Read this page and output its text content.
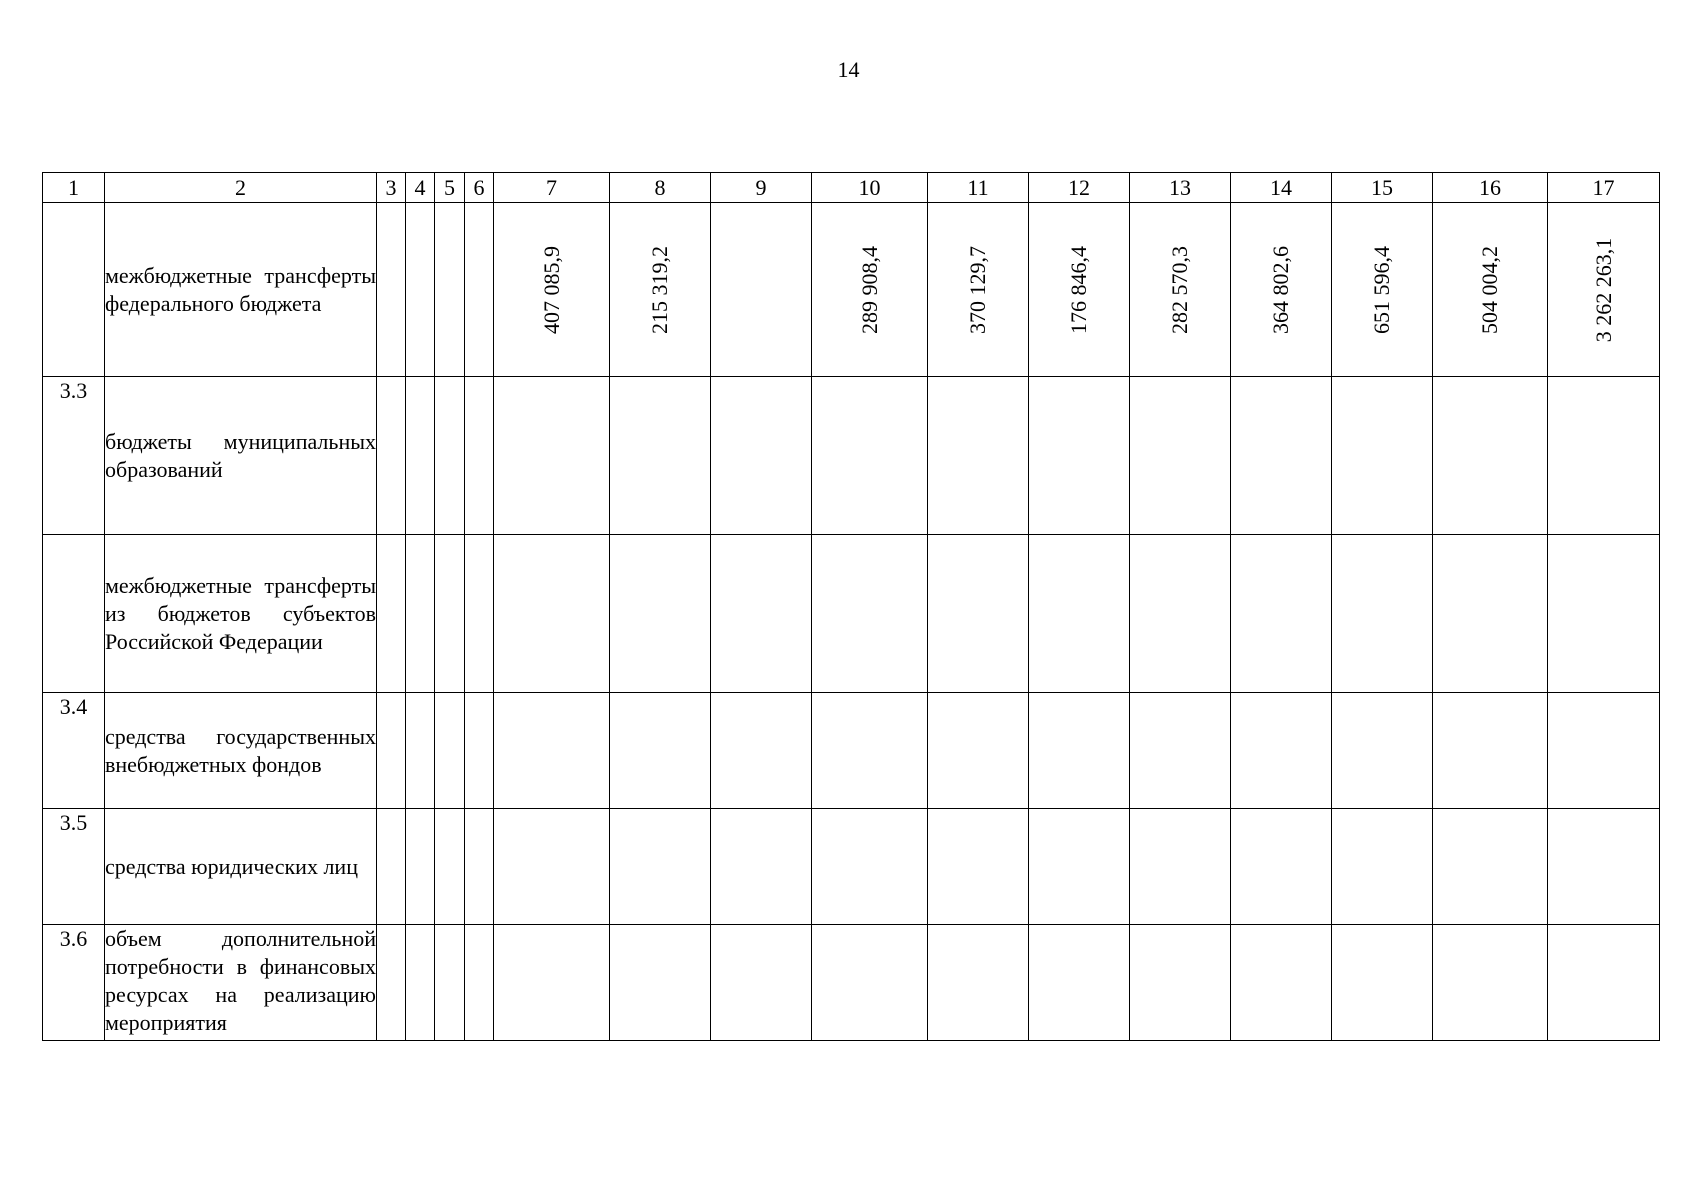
14
1	2	3	4	5	6	7	8	9	10	11	12	13	14	15	16	17

	межбюджетные трансферты федерального бюджета					407 085,9	215 319,2		289 908,4	370 129,7	176 846,4	282 570,3	364 802,6	651 596,4	504 004,2	3 262 263,1

3.3	бюджеты муниципальных образований															

	межбюджетные трансферты из бюджетов субъектов Российской Федерации															

3.4	средства государственных внебюджетных фондов															

3.5	средства юридических лиц															

3.6	объем дополнительной потребности в финансовых ресурсах на реализацию мероприятия															
